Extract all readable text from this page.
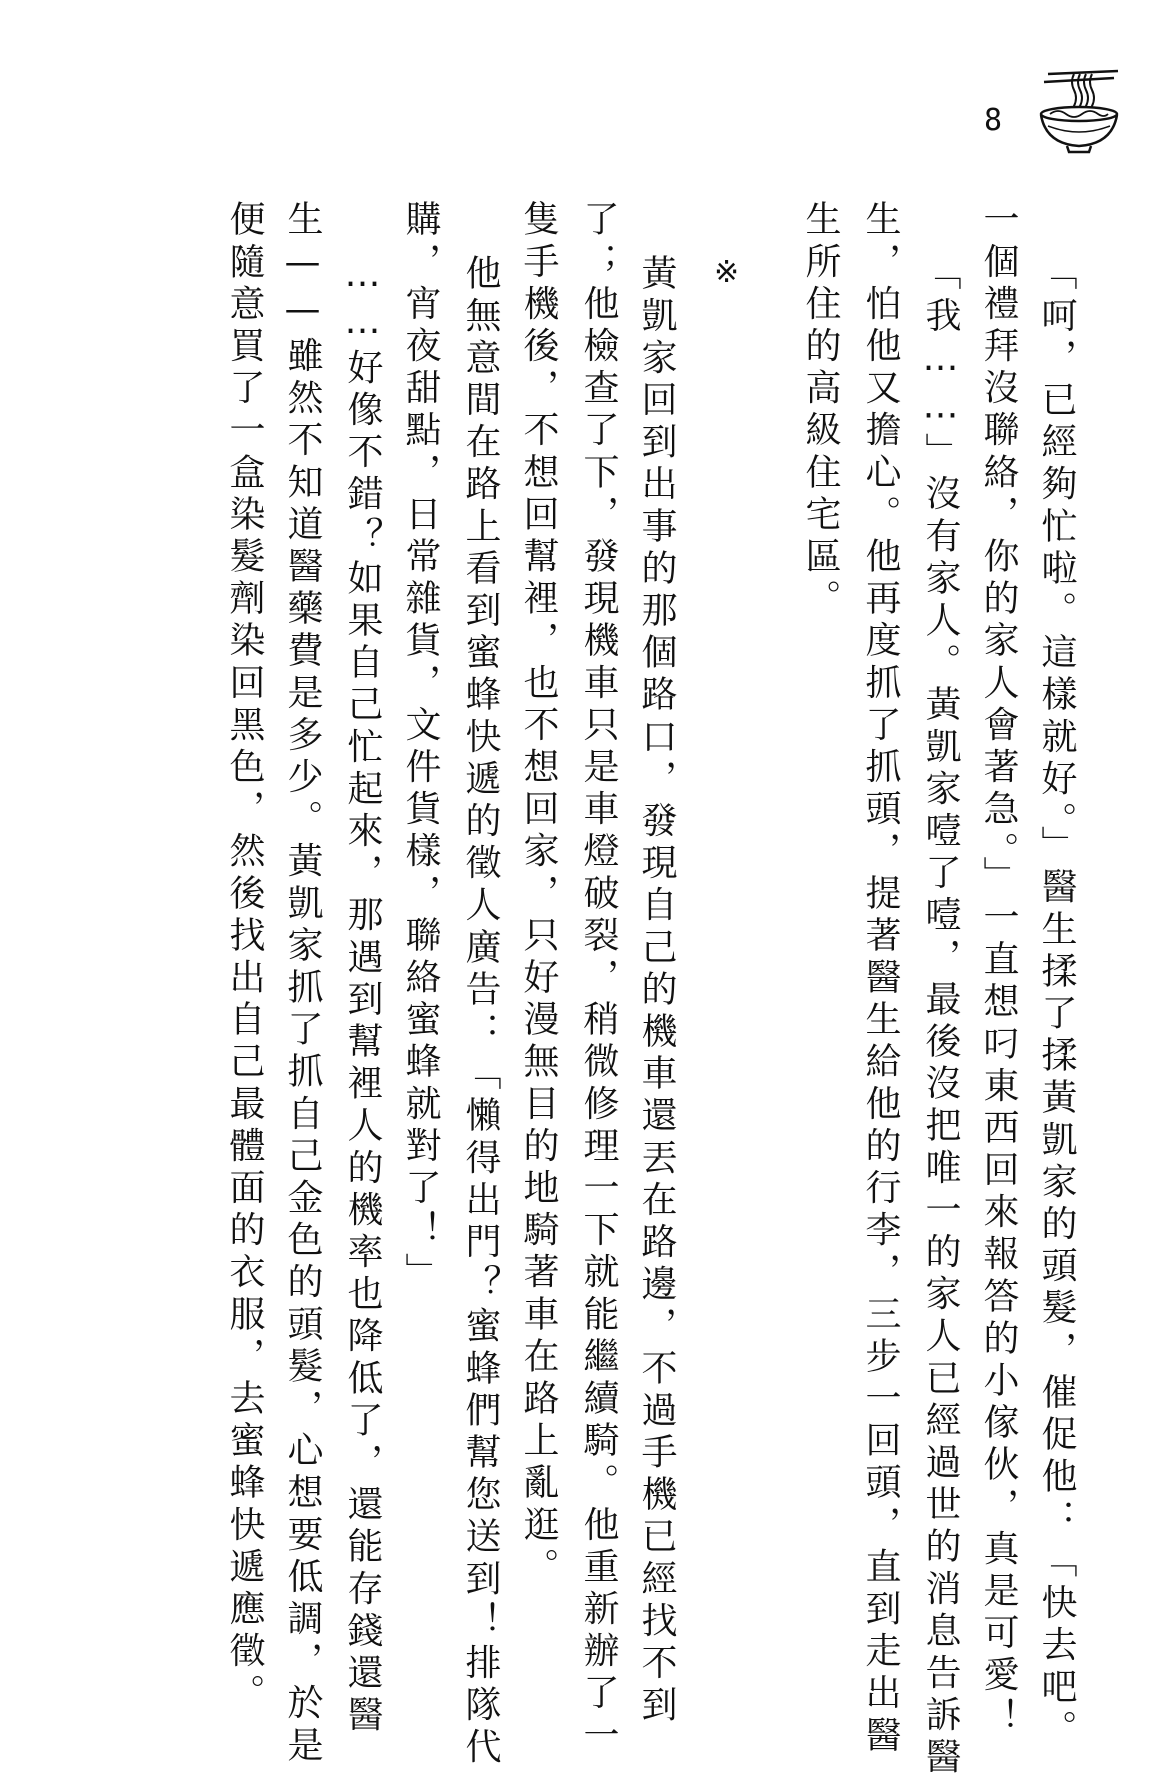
8
「呵，已經夠忙啦。這樣就好。」醫生揉了揉黃凱家的頭髮，催促他：「快去吧。
一個禮拜沒聯絡，你的家人會著急。」一直想叼東西回來報答的小傢伙，真是可愛！
「我……」沒有家人。黃凱家噎了噎，最後沒把唯一的家人已經過世的消息告訴醫
生，怕他又擔心。他再度抓了抓頭，提著醫生給他的行李，三步一回頭，直到走出醫
生所住的高級住宅區。
※
黃凱家回到出事的那個路口，發現自己的機車還丟在路邊，不過手機已經找不到
了；他檢查了下，發現機車只是車燈破裂，稍微修理一下就能繼續騎。他重新辦了一
隻手機後，不想回幫裡，也不想回家，只好漫無目的地騎著車在路上亂逛。
他無意間在路上看到蜜蜂快遞的徵人廣告：「懶得出門？蜜蜂們幫您送到！排隊代
購，宵夜甜點，日常雜貨，文件貨樣，聯絡蜜蜂就對了！」
……好像不錯？如果自己忙起來，那遇到幫裡人的機率也降低了，還能存錢還醫
生——雖然不知道醫藥費是多少。黃凱家抓了抓自己金色的頭髮，心想要低調，於是
便隨意買了一盒染髮劑染回黑色，然後找出自己最體面的衣服，去蜜蜂快遞應徵。
